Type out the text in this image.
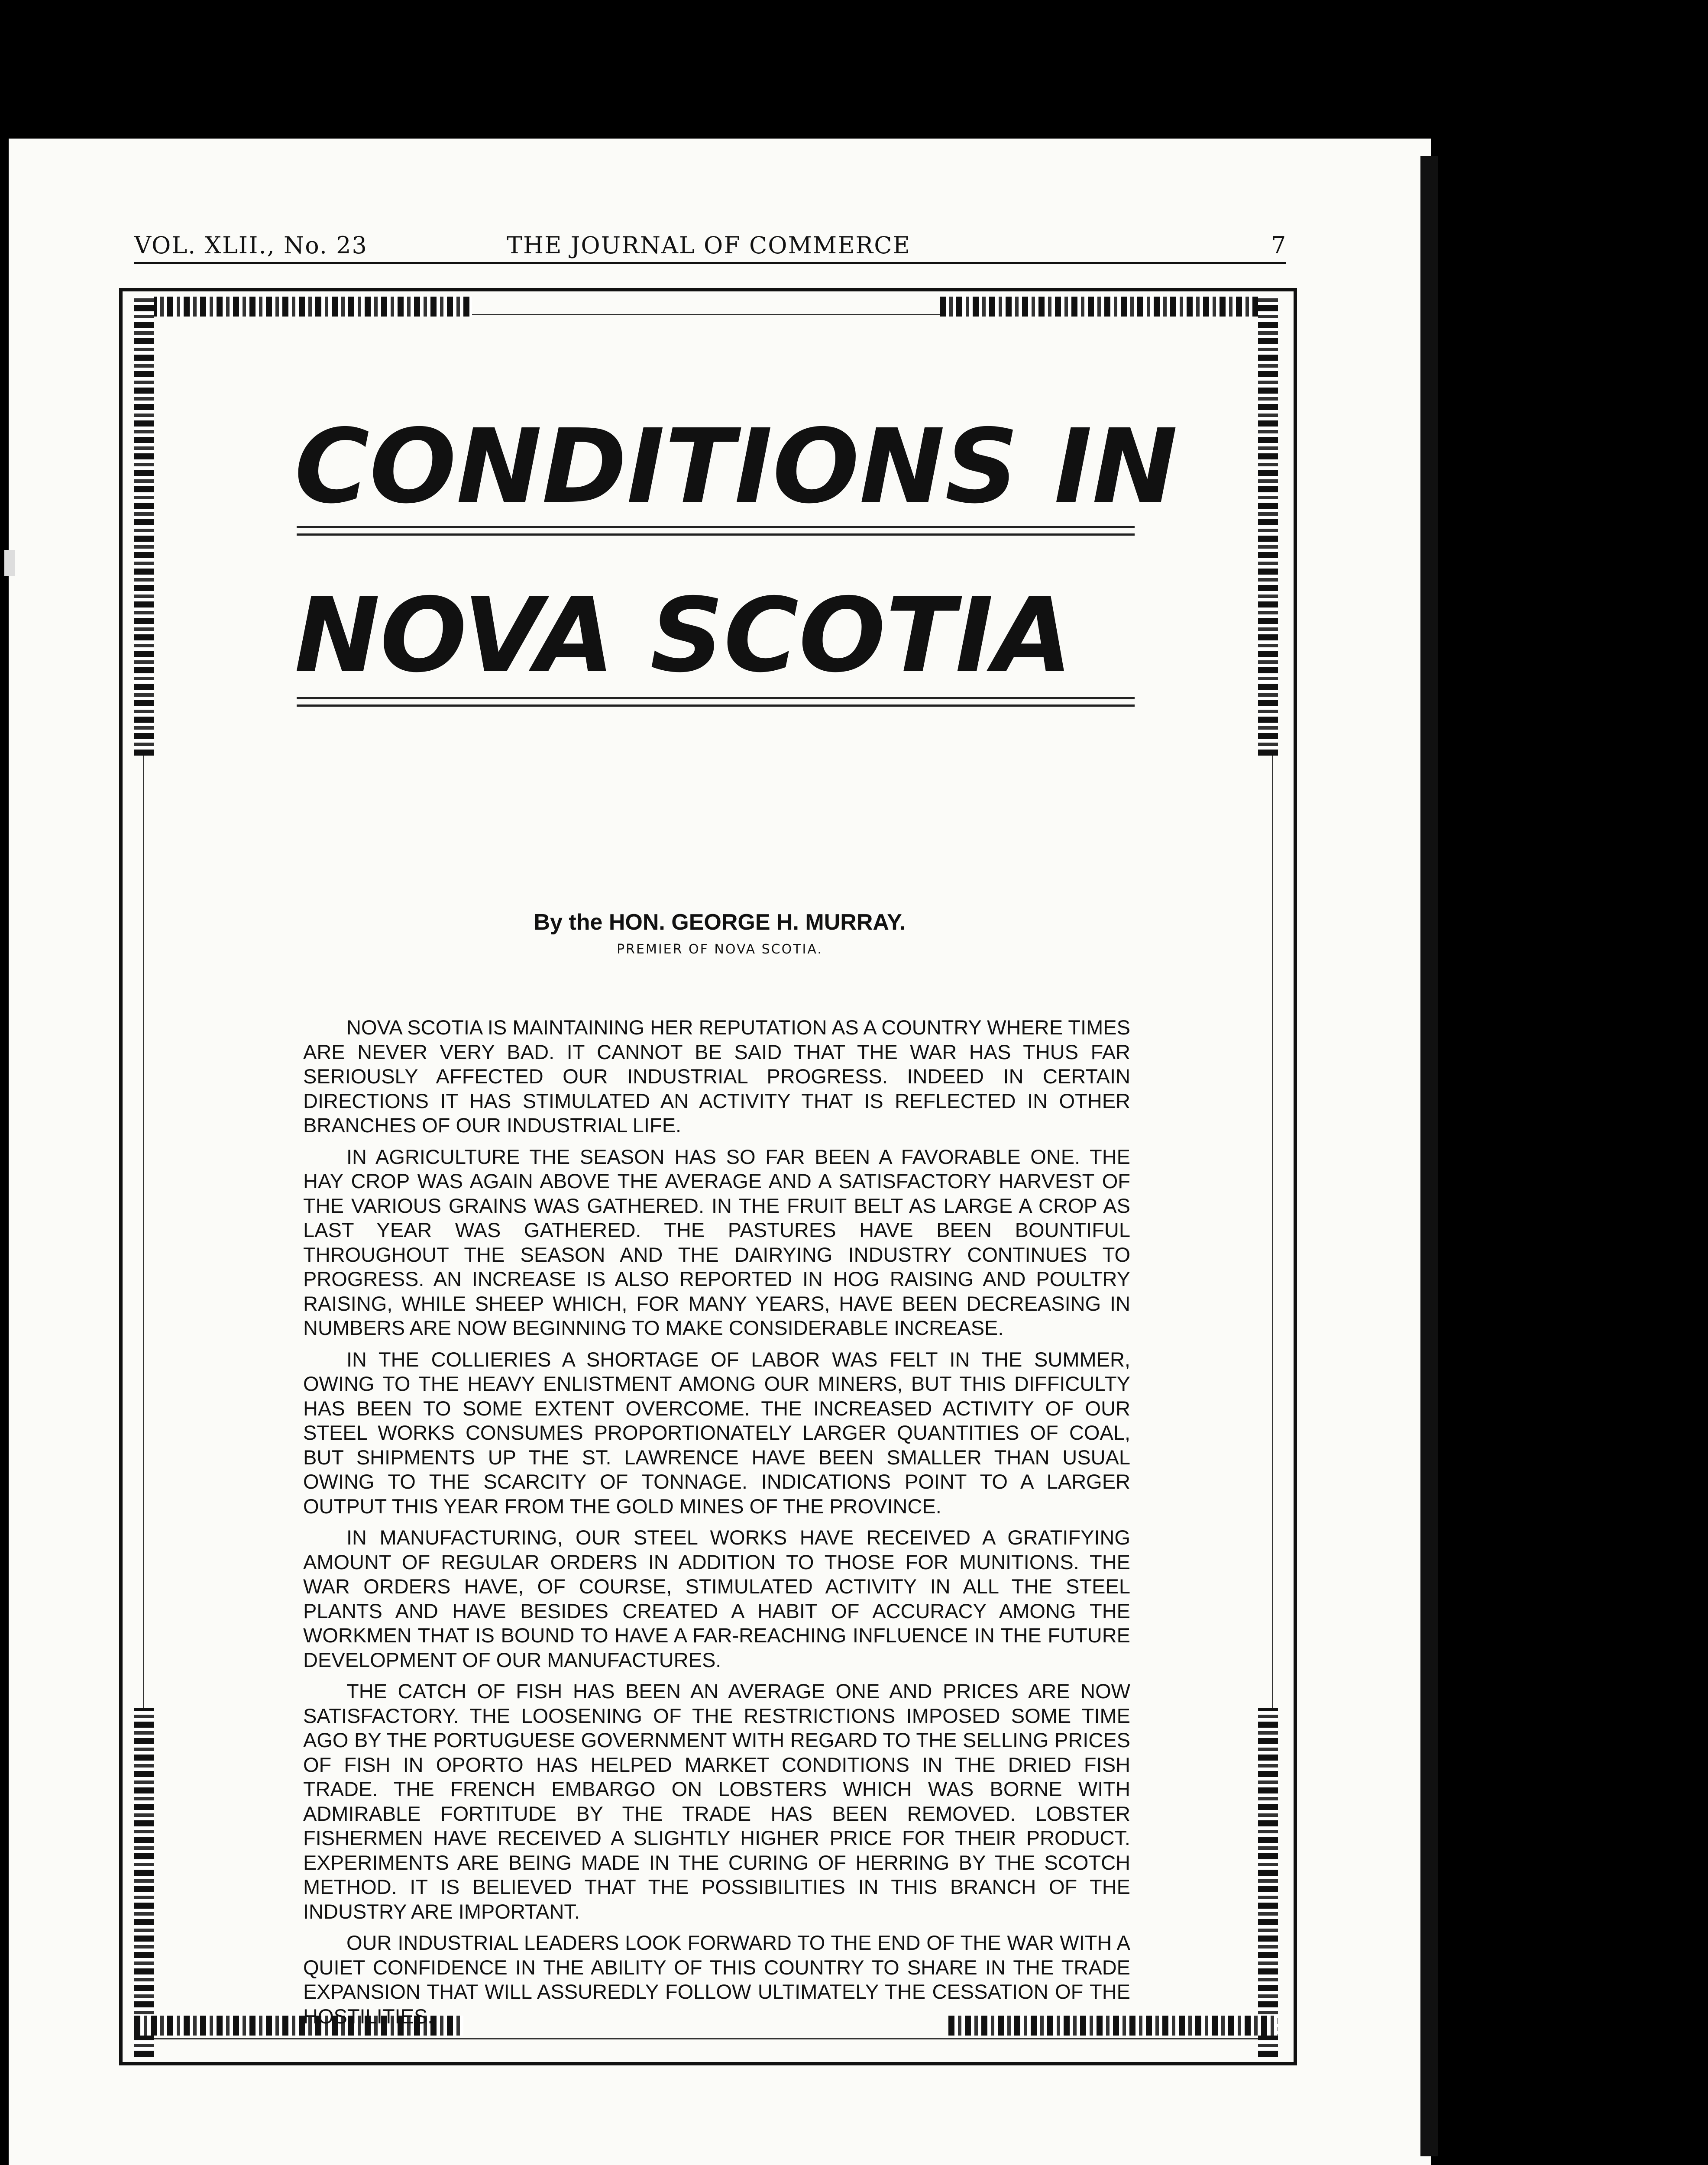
VOL. XLII., No. 23	THE JOURNAL OF COMMERCE	7
CONDITIONS IN
NOVA SCOTIA
By the HON. GEORGE H. MURRAY.
PREMIER OF NOVA SCOTIA.

NOVA SCOTIA IS MAINTAINING HER REPUTATION AS A COUNTRY WHERE TIMES ARE NEVER VERY BAD. IT CANNOT BE SAID THAT THE WAR HAS THUS FAR SERIOUSLY AFFECTED OUR INDUSTRIAL PROGRESS. INDEED IN CERTAIN DIRECTIONS IT HAS STIMULATED AN ACTIVITY THAT IS REFLECTED IN OTHER BRANCHES OF OUR INDUSTRIAL LIFE.

IN AGRICULTURE THE SEASON HAS SO FAR BEEN A FAVORABLE ONE. THE HAY CROP WAS AGAIN ABOVE THE AVERAGE AND A SATISFACTORY HARVEST OF THE VARIOUS GRAINS WAS GATHERED. IN THE FRUIT BELT AS LARGE A CROP AS LAST YEAR WAS GATHERED. THE PASTURES HAVE BEEN BOUNTIFUL THROUGHOUT THE SEASON AND THE DAIRYING INDUSTRY CONTINUES TO PROGRESS. AN INCREASE IS ALSO REPORTED IN HOG RAISING AND POULTRY RAISING, WHILE SHEEP WHICH, FOR MANY YEARS, HAVE BEEN DECREASING IN NUMBERS ARE NOW BEGINNING TO MAKE CONSIDERABLE INCREASE.

IN THE COLLIERIES A SHORTAGE OF LABOR WAS FELT IN THE SUMMER, OWING TO THE HEAVY ENLISTMENT AMONG OUR MINERS, BUT THIS DIFFICULTY HAS BEEN TO SOME EXTENT OVERCOME. THE INCREASED ACTIVITY OF OUR STEEL WORKS CONSUMES PROPORTIONATELY LARGER QUANTITIES OF COAL, BUT SHIPMENTS UP THE ST. LAWRENCE HAVE BEEN SMALLER THAN USUAL OWING TO THE SCARCITY OF TONNAGE. INDICATIONS POINT TO A LARGER OUTPUT THIS YEAR FROM THE GOLD MINES OF THE PROVINCE.

IN MANUFACTURING, OUR STEEL WORKS HAVE RECEIVED A GRATIFYING AMOUNT OF REGULAR ORDERS IN ADDITION TO THOSE FOR MUNITIONS. THE WAR ORDERS HAVE, OF COURSE, STIMULATED ACTIVITY IN ALL THE STEEL PLANTS AND HAVE BESIDES CREATED A HABIT OF ACCURACY AMONG THE WORKMEN THAT IS BOUND TO HAVE A FAR-REACHING INFLUENCE IN THE FUTURE DEVELOPMENT OF OUR MANUFACTURES.

THE CATCH OF FISH HAS BEEN AN AVERAGE ONE AND PRICES ARE NOW SATISFACTORY. THE LOOSENING OF THE RESTRICTIONS IMPOSED SOME TIME AGO BY THE PORTUGUESE GOVERNMENT WITH REGARD TO THE SELLING PRICES OF FISH IN OPORTO HAS HELPED MARKET CONDITIONS IN THE DRIED FISH TRADE. THE FRENCH EMBARGO ON LOBSTERS WHICH WAS BORNE WITH ADMIRABLE FORTITUDE BY THE TRADE HAS BEEN REMOVED. LOBSTER FISHERMEN HAVE RECEIVED A SLIGHTLY HIGHER PRICE FOR THEIR PRODUCT. EXPERIMENTS ARE BEING MADE IN THE CURING OF HERRING BY THE SCOTCH METHOD. IT IS BELIEVED THAT THE POSSIBILITIES IN THIS BRANCH OF THE INDUSTRY ARE IMPORTANT.

OUR INDUSTRIAL LEADERS LOOK FORWARD TO THE END OF THE WAR WITH A QUIET CONFIDENCE IN THE ABILITY OF THIS COUNTRY TO SHARE IN THE TRADE EXPANSION THAT WILL ASSUREDLY FOLLOW ULTIMATELY THE CESSATION OF THE HOSTILITIES.
